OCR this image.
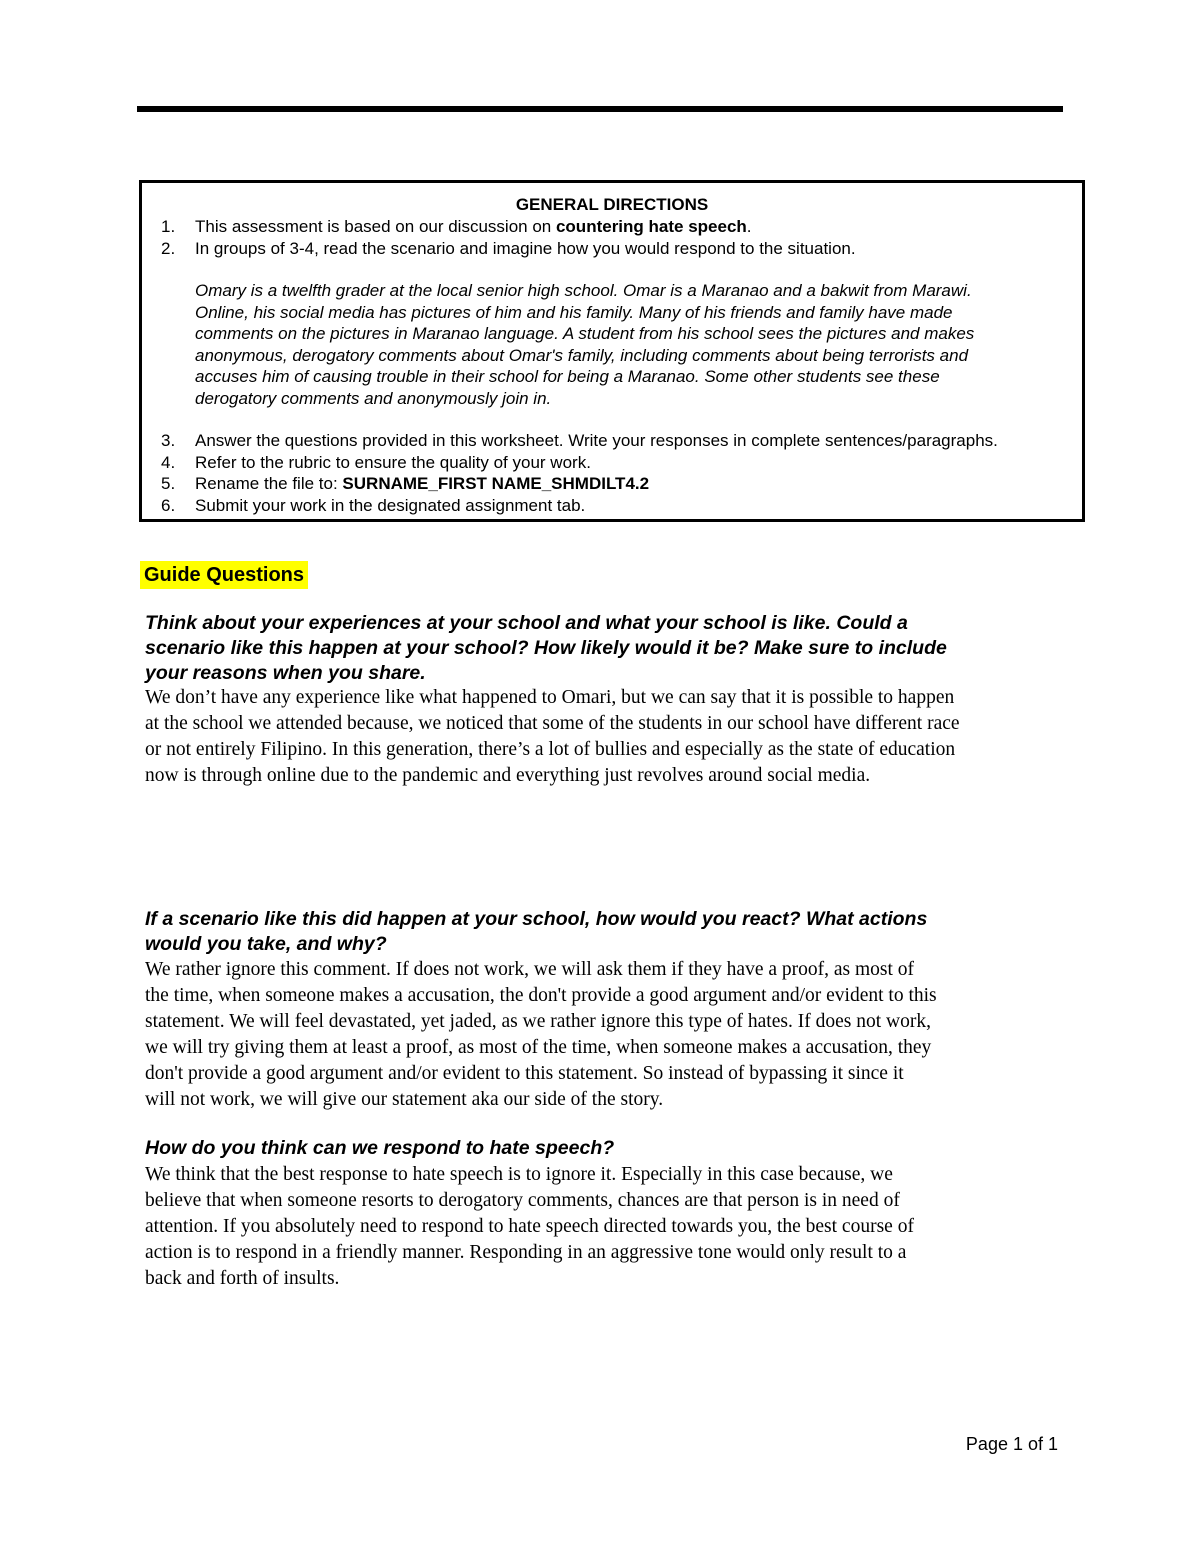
GENERAL DIRECTIONS
1. This assessment is based on our discussion on countering hate speech.
2. In groups of 3-4, read the scenario and imagine how you would respond to the situation.
Omary is a twelfth grader at the local senior high school. Omar is a Maranao and a bakwit from Marawi.
Online, his social media has pictures of him and his family. Many of his friends and family have made
comments on the pictures in Maranao language. A student from his school sees the pictures and makes
anonymous, derogatory comments about Omar's family, including comments about being terrorists and
accuses him of causing trouble in their school for being a Maranao. Some other students see these
derogatory comments and anonymously join in.
3. Answer the questions provided in this worksheet. Write your responses in complete sentences/paragraphs.
4. Refer to the rubric to ensure the quality of your work.
5. Rename the file to: SURNAME_FIRST NAME_SHMDILT4.2
6. Submit your work in the designated assignment tab.
Guide Questions
Think about your experiences at your school and what your school is like. Could a
scenario like this happen at your school? How likely would it be? Make sure to include
your reasons when you share.
We don’t have any experience like what happened to Omari, but we can say that it is possible to happen
at the school we attended because, we noticed that some of the students in our school have different race
or not entirely Filipino. In this generation, there’s a lot of bullies and especially as the state of education
now is through online due to the pandemic and everything just revolves around social media.
If a scenario like this did happen at your school, how would you react? What actions
would you take, and why?
We rather ignore this comment. If does not work, we will ask them if they have a proof, as most of
the time, when someone makes a accusation, the don't provide a good argument and/or evident to this
statement. We will feel devastated, yet jaded, as we rather ignore this type of hates. If does not work,
we will try giving them at least a proof, as most of the time, when someone makes a accusation, they
don't provide a good argument and/or evident to this statement. So instead of bypassing it since it
will not work, we will give our statement aka our side of the story.
How do you think can we respond to hate speech?
We think that the best response to hate speech is to ignore it. Especially in this case because, we
believe that when someone resorts to derogatory comments, chances are that person is in need of
attention. If you absolutely need to respond to hate speech directed towards you, the best course of
action is to respond in a friendly manner. Responding in an aggressive tone would only result to a
back and forth of insults.
Page 1 of 1
